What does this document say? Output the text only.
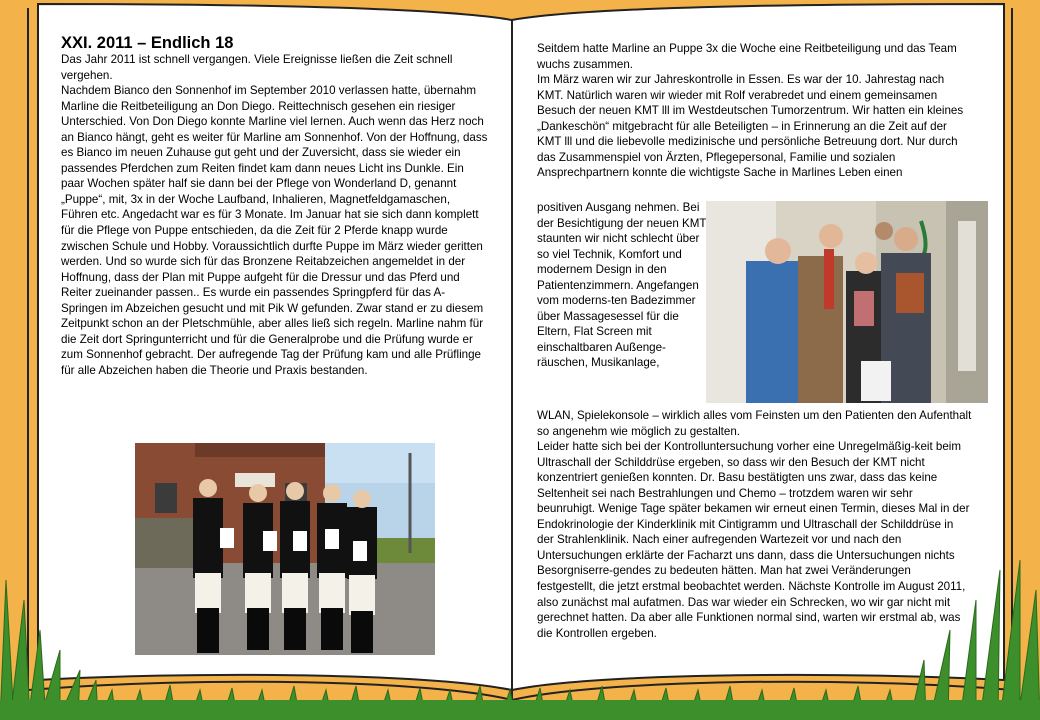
XXI. 2011 – Endlich 18

Das Jahr 2011 ist schnell vergangen. Viele Ereignisse ließen die Zeit schnell vergehen.

Nachdem Bianco den Sonnenhof im September 2010 verlassen hatte, übernahm Marline die Reitbeteiligung an Don Diego. Reittechnisch gesehen ein riesiger Unterschied. Von Don Diego konnte Marline viel lernen. Auch wenn das Herz noch an Bianco hängt, geht es weiter für Marline am Sonnenhof. Von der Hoffnung, dass es Bianco im neuen Zuhause gut geht und der Zuversicht, dass sie wieder ein passendes Pferdchen zum Reiten findet kam dann neues Licht ins Dunkle. Ein paar Wochen später half sie dann bei der Pflege von Wonderland D, genannt „Puppe“, mit, 3x in der Woche Laufband, Inhalieren, Magnetfeldgamaschen, Führen etc. Angedacht war es für 3 Monate. Im Januar hat sie sich dann komplett für die Pflege von Puppe entschieden, da die Zeit für 2 Pferde knapp wurde zwischen Schule und Hobby. Voraussichtlich durfte Puppe im März wieder geritten werden. Und so wurde sich für das Bronzene Reitabzeichen angemeldet in der Hoffnung, dass der Plan mit Puppe aufgeht für die Dressur und das Pferd und Reiter zueinander passen.. Es wurde ein passendes Springpferd für das A-Springen im Abzeichen gesucht und mit Pik W gefunden. Zwar stand er zu diesem Zeitpunkt schon an der Pletschmühle, aber alles ließ sich regeln. Marline nahm für die Zeit dort Springunterricht und für die Generalprobe und die Prüfung wurde er zum Sonnenhof gebracht. Der aufregende Tag der Prüfung kam und alle Prüflinge für alle Abzeichen haben die Theorie und Praxis bestanden.

Seitdem hatte Marline an Puppe 3x die Woche eine Reitbeteiligung und das Team wuchs zusammen.

Im März waren wir zur Jahreskontrolle in Essen. Es war der 10. Jahrestag nach KMT. Natürlich waren wir wieder mit Rolf verabredet und einem gemeinsamen Besuch der neuen KMT lll im Westdeutschen Tumorzentrum. Wir hatten ein kleines „Dankeschön“ mitgebracht für alle Beteiligten – in Erinnerung an die Zeit auf der KMT lll und die liebevolle medizinische und persönliche Betreuung dort. Nur durch das Zusammenspiel von Ärzten, Pflegepersonal, Familie und sozialen Ansprechpartnern konnte die wichtigste Sache in Marlines Leben einen

positiven Ausgang nehmen. Bei der Besichtigung der neuen KMT staunten wir nicht schlecht über so viel Technik, Komfort und modernem Design in den Patientenzimmern. Angefangen vom moderns-ten Badezimmer über Massagesessel für die Eltern, Flat Screen mit einschaltbaren Außenge-räuschen, Musikanlage,

WLAN, Spielekonsole – wirklich alles vom Feinsten um den Patienten den Aufenthalt so angenehm wie möglich zu gestalten.

Leider hatte sich bei der Kontrolluntersuchung vorher eine Unregelmäßig-keit beim Ultraschall der Schilddrüse ergeben, so dass wir den Besuch der KMT nicht konzentriert genießen konnten. Dr. Basu bestätigten uns zwar, dass das keine Seltenheit sei nach Bestrahlungen und Chemo – trotzdem waren wir sehr beunruhigt. Wenige Tage später bekamen wir erneut einen Termin, dieses Mal in der Endokrinologie der Kinderklinik mit Cintigramm und Ultraschall der Schilddrüse in der Strahlenklinik. Nach einer aufregenden Wartezeit vor und nach den Untersuchungen erklärte der Facharzt uns dann, dass die Untersuchungen nichts Besorgniserre-gendes zu bedeuten hätten. Man hat zwei Veränderungen festgestellt, die jetzt erstmal beobachtet werden. Nächste Kontrolle im August 2011, also zunächst mal aufatmen. Das war wieder ein Schrecken, wo wir gar nicht mit gerechnet hatten. Da aber alle Funktionen normal sind, warten wir erstmal ab, was die Kontrollen ergeben.
